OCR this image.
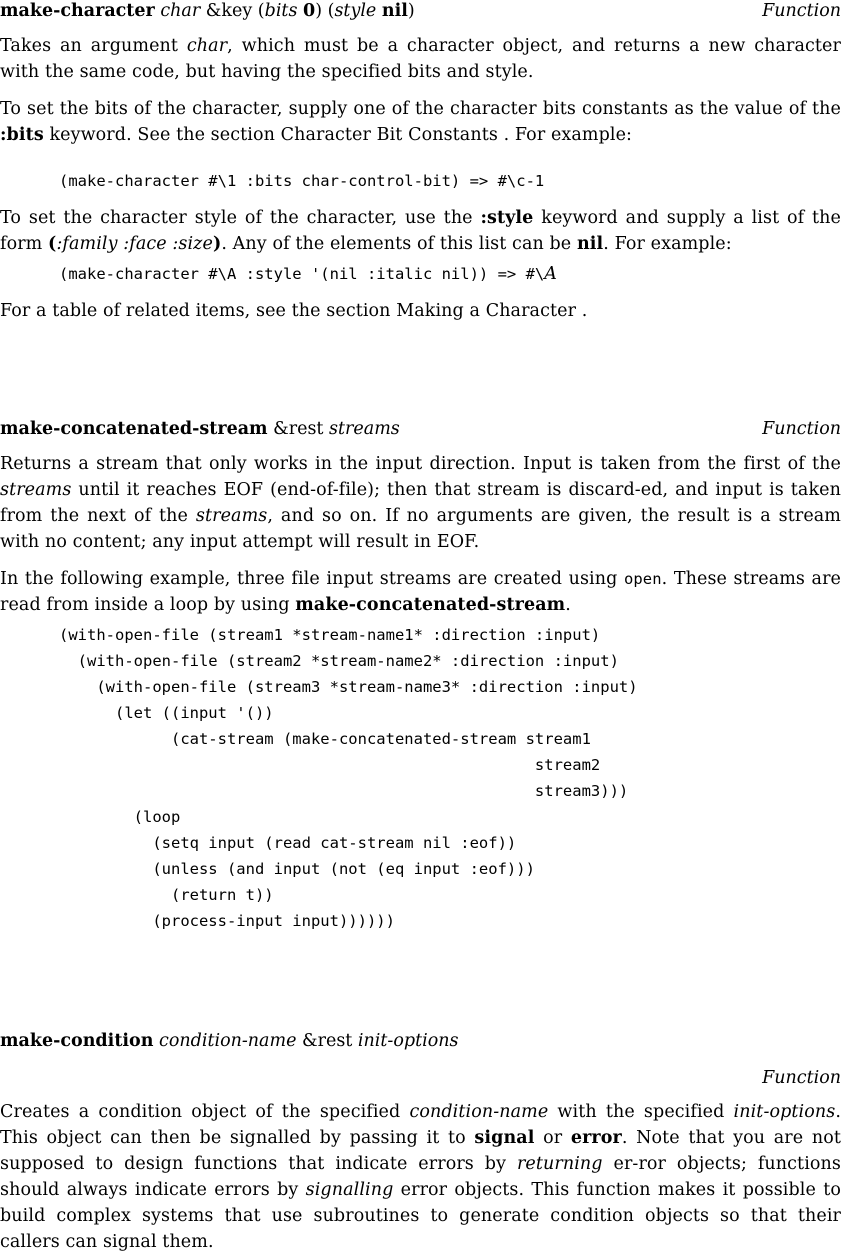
make-character char &key (bits 0) (style nil)	Function

Takes an argument char, which must be a character object, and returns a new character with the same code, but having the specified bits and style.

To set the bits of the character, supply one of the character bits constants as the value of the :bits keyword. See the section Character Bit Constants . For example:

(make-character #\1 :bits char-control-bit) => #\c-1

To set the character style of the character, use the :style keyword and supply a list of the form (:family :face :size). Any of the elements of this list can be nil. For example:

(make-character #\A :style '(nil :italic nil)) => #\A

For a table of related items, see the section Making a Character .

make-concatenated-stream &rest streams	Function

Returns a stream that only works in the input direction. Input is taken from the first of the streams until it reaches EOF (end-of-file); then that stream is discard-ed, and input is taken from the next of the streams, and so on. If no arguments are given, the result is a stream with no content; any input attempt will result in EOF.

In the following example, three file input streams are created using open. These streams are read from inside a loop by using make-concatenated-stream.

(with-open-file (stream1 *stream-name1* :direction :input)
(with-open-file (stream2 *stream-name2* :direction :input)
(with-open-file (stream3 *stream-name3* :direction :input)
(let ((input '())
(cat-stream (make-concatenated-stream stream1
stream2
stream3)))
(loop
(setq input (read cat-stream nil :eof))
(unless (and input (not (eq input :eof)))
(return t))
(process-input input))))))
make-condition condition-name &rest init-options
Function

Creates a condition object of the specified condition-name with the specified init-options. This object can then be signalled by passing it to signal or error. Note that you are not supposed to design functions that indicate errors by returning er-ror objects; functions should always indicate errors by signalling error objects. This function makes it possible to build complex systems that use subroutines to generate condition objects so that their callers can signal them.
